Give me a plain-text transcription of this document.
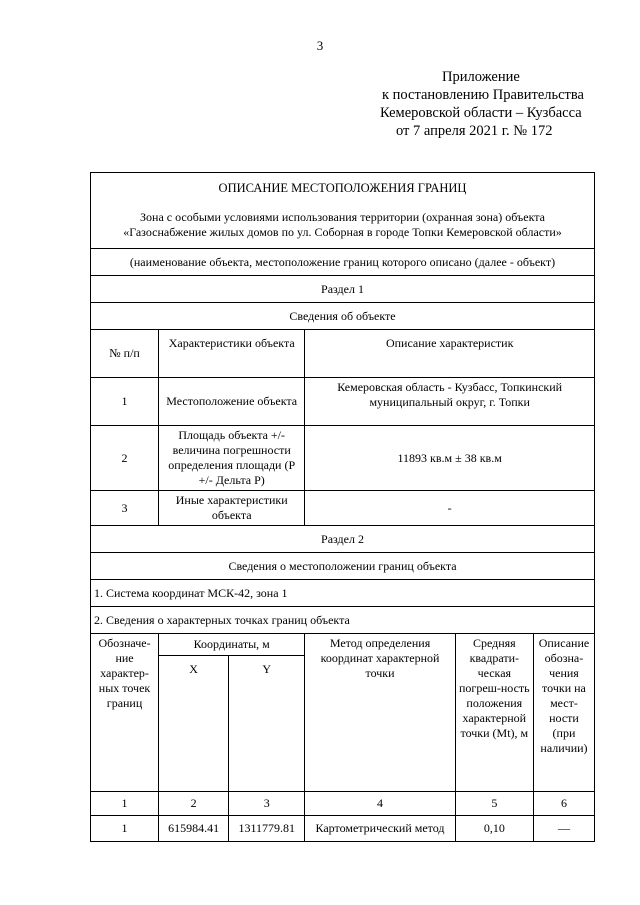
3
Приложение
к постановлению Правительства
Кемеровской области – Кузбасса
от 7 апреля 2021 г. № 172
ОПИСАНИЕ МЕСТОПОЛОЖЕНИЯ ГРАНИЦ
Зона с особыми условиями использования территории (охранная зона) объекта
«Газоснабжение жилых домов по ул. Соборная в городе Топки Кемеровской области»					

(наименование объекта, местоположение границ которого описано (далее - объект)					
Раздел 1					
Сведения об объекте					
№ п/п	Характеристики объекта		Описание характеристик		
1	Местоположение объекта		Кемеровская область - Кузбасс, Топкинский муниципальный округ, г. Топки		
2	Площадь объекта +/- величина погрешности определения площади (P +/- Дельта P)		11893 кв.м ± 38 кв.м		
3	Иные характеристики объекта		-		
Раздел 2					
Сведения о местоположении границ объекта					
1. Система координат МСК-42, зона 1					
2. Сведения о характерных точках границ объекта					
Обозначе-ние характер-ных точек границ	Координаты, м		Метод определения координат характерной точки	Средняя квадрати-ческая погреш-ность положения характерной точки (Mt), м	Описание обозна-чения точки на мест-ности (при наличии)
	X	Y			
1	2	3	4	5	6
1	615984.41	1311779.81	Картометрический метод	0,10	—
